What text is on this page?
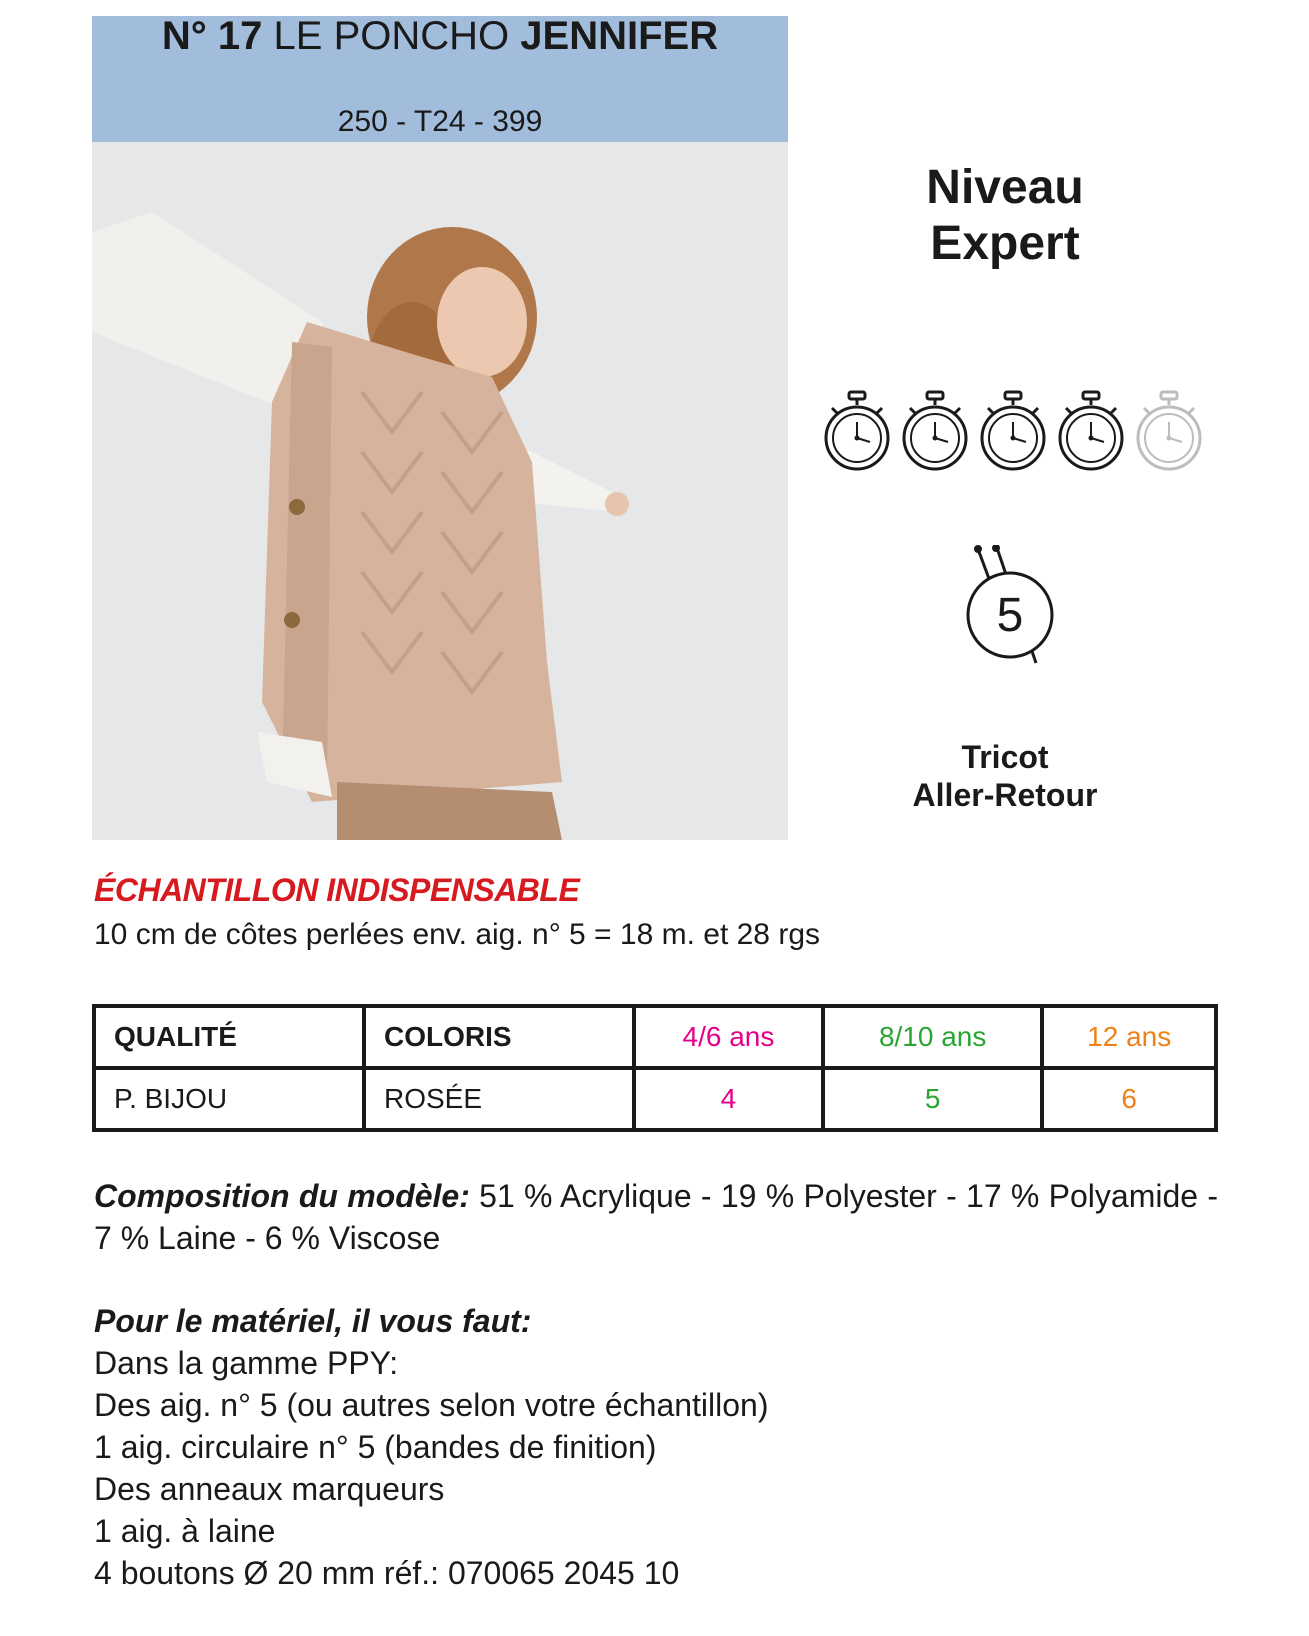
N° 17 LE PONCHO JENNIFER
250 - T24 - 399
Niveau
Expert
5
Tricot
Aller-Retour
ÉCHANTILLON INDISPENSABLE
10 cm de côtes perlées env. aig. n° 5 = 18 m. et 28 rgs
QUALITÉ	COLORIS	4/6 ans	8/10 ans	12 ans
P. BIJOU	ROSÉE	4	5	6
Composition du modèle: 51 % Acrylique - 19 % Polyester - 17 % Polyamide - 7 % Laine - 6 % Viscose
Pour le matériel, il vous faut:
Dans la gamme PPY:
Des aig. n° 5 (ou autres selon votre échantillon)
1 aig. circulaire n° 5 (bandes de finition)
Des anneaux marqueurs
1 aig. à laine
4 boutons Ø 20 mm réf.: 070065 2045 10
